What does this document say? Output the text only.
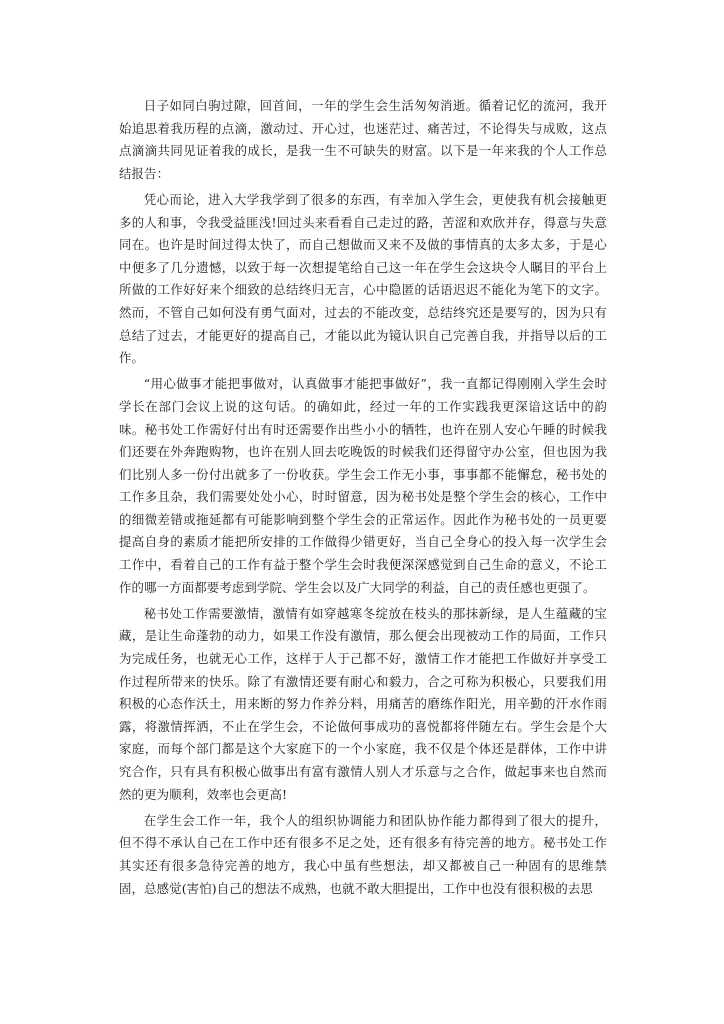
日子如同白驹过隙，回首间，一年的学生会生活匆匆消逝。循着记忆的流河，我开始追思着我历程的点滴，激动过、开心过，也迷茫过、痛苦过，不论得失与成败，这点点滴滴共同见证着我的成长，是我一生不可缺失的财富。以下是一年来我的个人工作总结报告：

凭心而论，进入大学我学到了很多的东西，有幸加入学生会，更使我有机会接触更多的人和事，令我受益匪浅!回过头来看看自己走过的路，苦涩和欢欣并存，得意与失意同在。也许是时间过得太快了，而自己想做而又来不及做的事情真的太多太多，于是心中便多了几分遗憾，以致于每一次想提笔给自己这一年在学生会这块令人瞩目的平台上所做的工作好好来个细致的总结终归无言，心中隐匿的话语迟迟不能化为笔下的文字。然而，不管自己如何没有勇气面对，过去的不能改变，总结终究还是要写的，因为只有总结了过去，才能更好的提高自己，才能以此为镜认识自己完善自我，并指导以后的工作。

“用心做事才能把事做对，认真做事才能把事做好”，我一直都记得刚刚入学生会时学长在部门会议上说的这句话。的确如此，经过一年的工作实践我更深谙这话中的韵味。秘书处工作需好付出有时还需要作出些小小的牺牲，也许在别人安心午睡的时候我们还要在外奔跑购物，也许在别人回去吃晚饭的时候我们还得留守办公室，但也因为我们比别人多一份付出就多了一份收获。学生会工作无小事，事事都不能懈怠，秘书处的工作多且杂，我们需要处处小心，时时留意，因为秘书处是整个学生会的核心，工作中的细微差错或拖延都有可能影响到整个学生会的正常运作。因此作为秘书处的一员更要提高自身的素质才能把所安排的工作做得少错更好，当自己全身心的投入每一次学生会工作中，看着自己的工作有益于整个学生会时我便深深感觉到自己生命的意义，不论工作的哪一方面都要考虑到学院、学生会以及广大同学的利益，自己的责任感也更强了。

秘书处工作需要激情，激情有如穿越寒冬绽放在枝头的那抹新绿，是人生蕴藏的宝藏，是让生命蓬勃的动力，如果工作没有激情，那么便会出现被动工作的局面，工作只为完成任务，也就无心工作，这样于人于己都不好，激情工作才能把工作做好并享受工作过程所带来的快乐。除了有激情还要有耐心和毅力，合之可称为积极心，只要我们用积极的心态作沃土，用来断的努力作养分料，用痛苦的磨练作阳光，用辛勤的汗水作雨露，将激情挥洒，不止在学生会，不论做何事成功的喜悦都将伴随左右。学生会是个大家庭，而每个部门都是这个大家庭下的一个小家庭，我不仅是个体还是群体，工作中讲究合作，只有具有积极心做事出有富有激情人别人才乐意与之合作，做起事来也自然而然的更为顺利，效率也会更高!

在学生会工作一年，我个人的组织协调能力和团队协作能力都得到了很大的提升，但不得不承认自己在工作中还有很多不足之处，还有很多有待完善的地方。秘书处工作其实还有很多急待完善的地方，我心中虽有些想法，却又都被自己一种固有的思维禁固，总感觉(害怕)自己的想法不成熟，也就不敢大胆提出，工作中也没有很积极的去思
